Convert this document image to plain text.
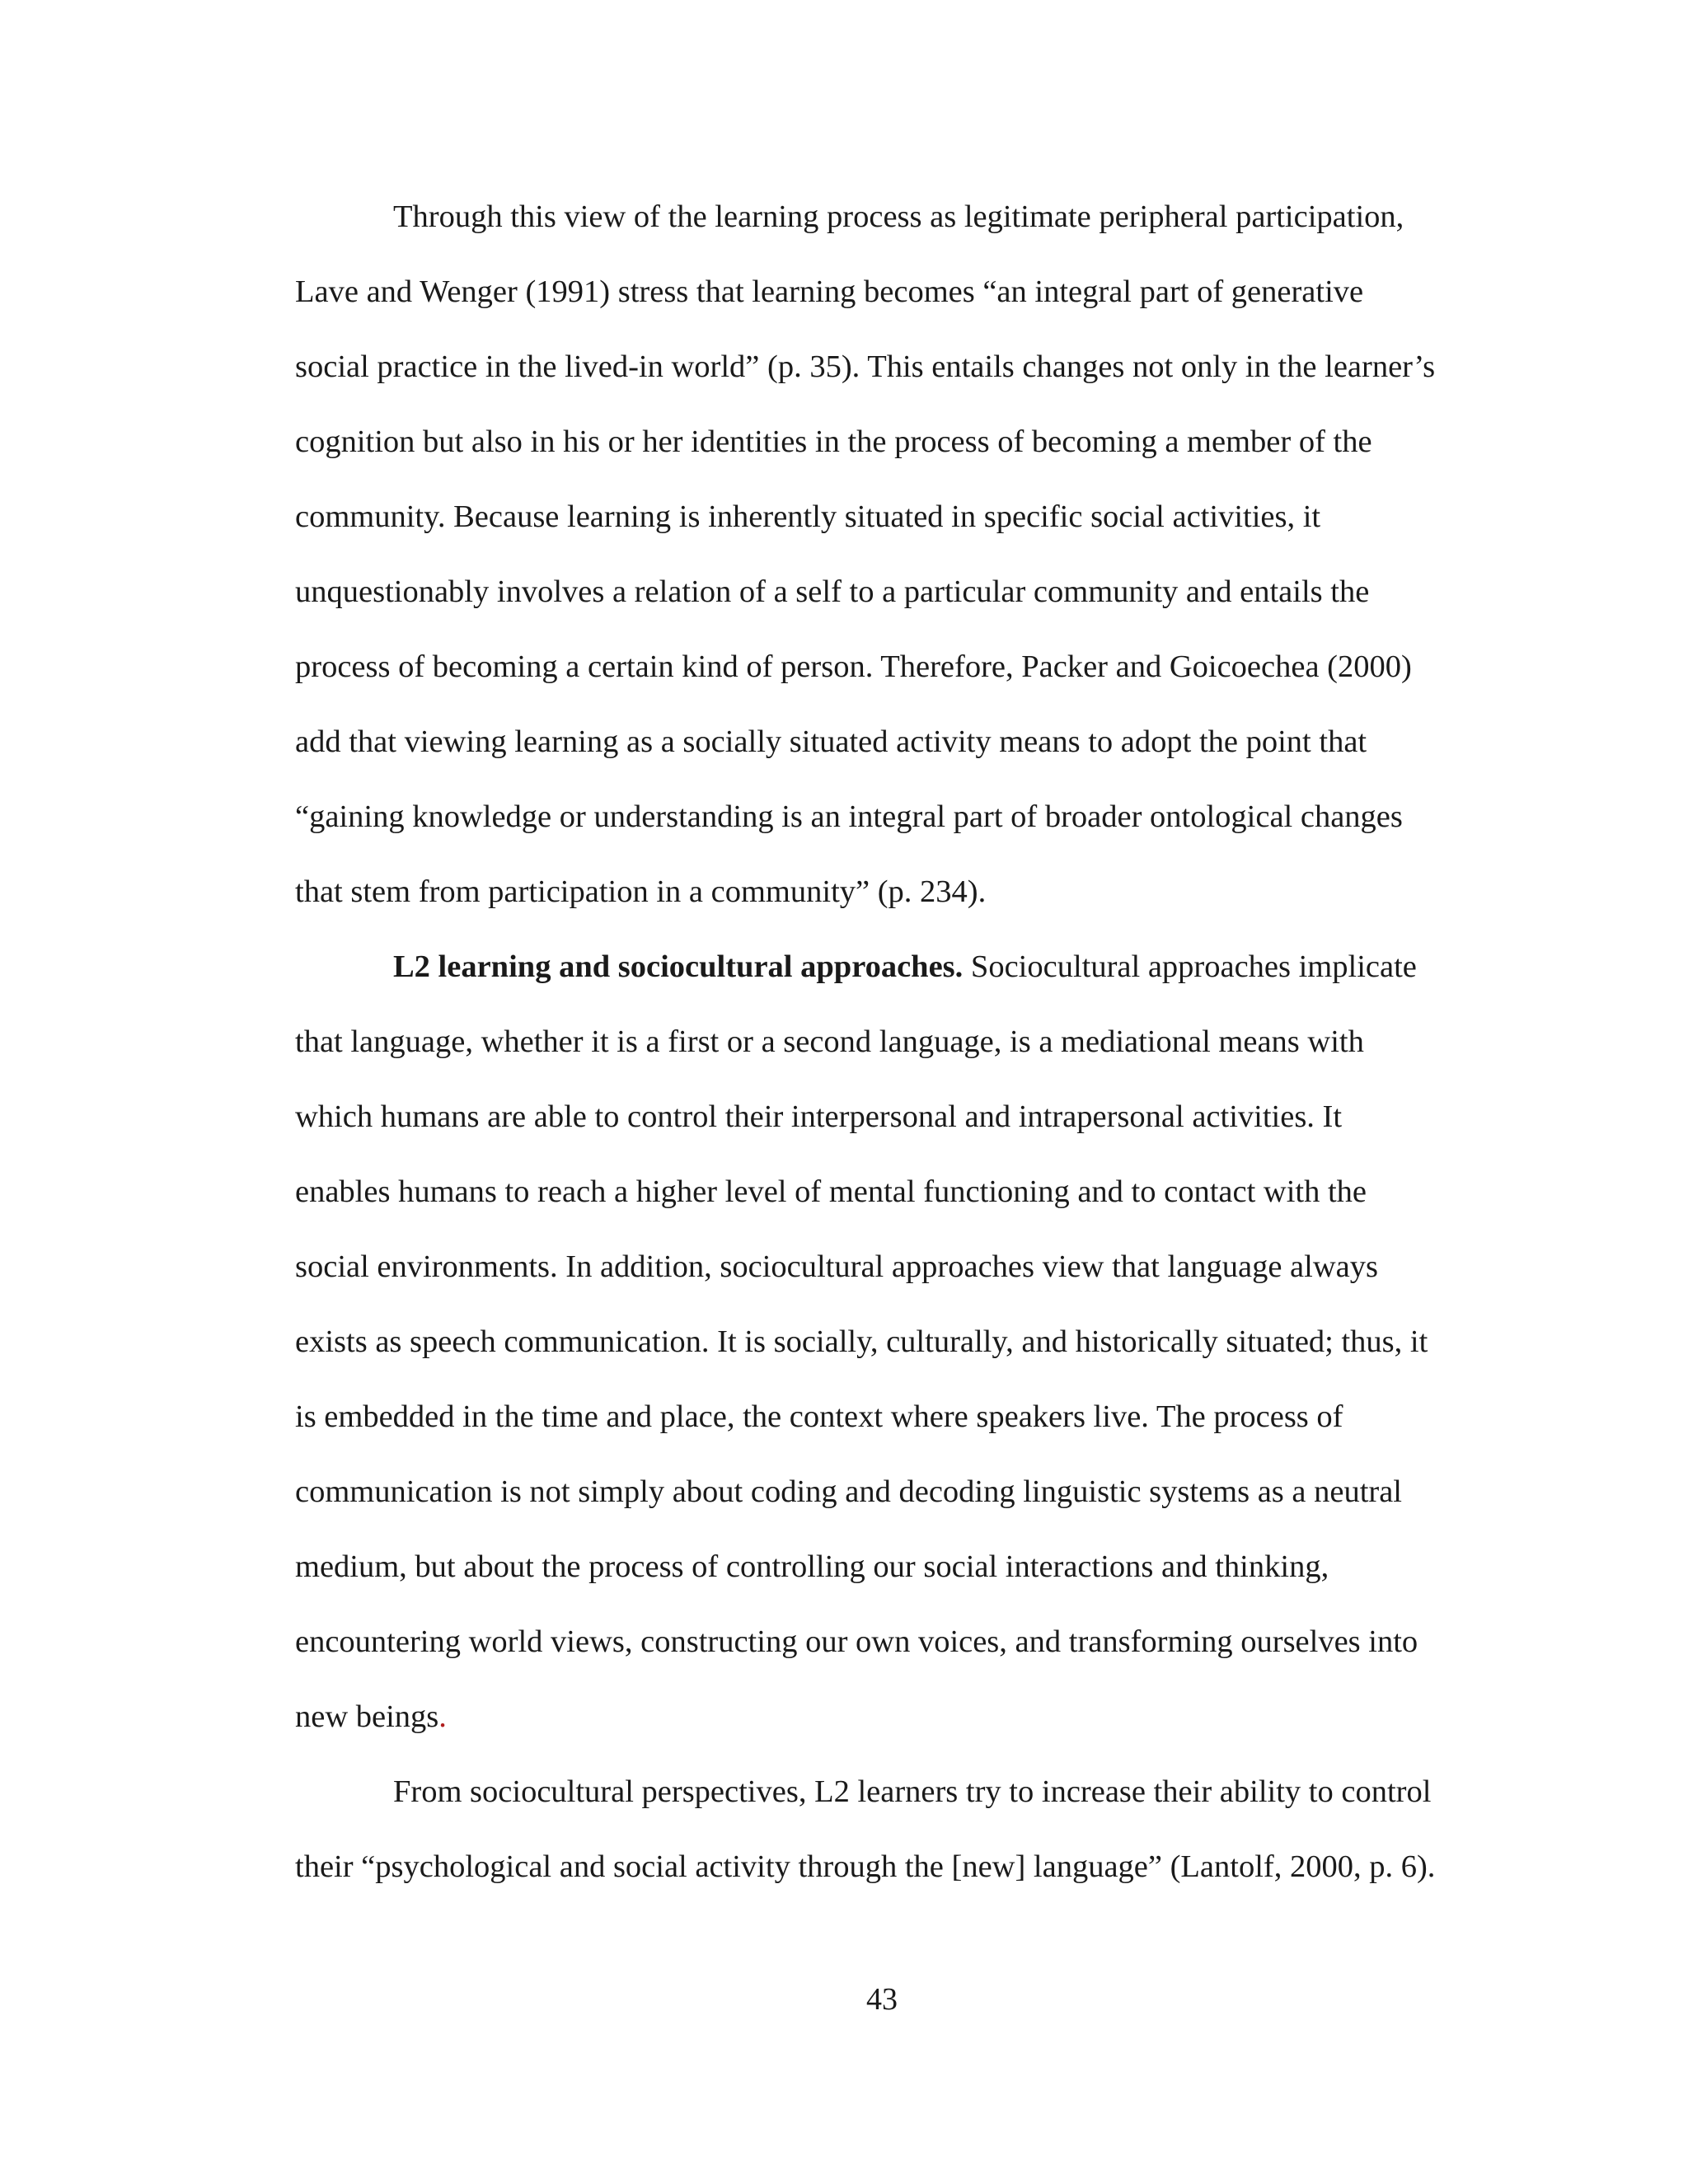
Through this view of the learning process as legitimate peripheral participation,
Lave and Wenger (1991) stress that learning becomes “an integral part of generative
social practice in the lived-in world” (p. 35). This entails changes not only in the learner’s
cognition but also in his or her identities in the process of becoming a member of the
community. Because learning is inherently situated in specific social activities, it
unquestionably involves a relation of a self to a particular community and entails the
process of becoming a certain kind of person. Therefore, Packer and Goicoechea (2000)
add that viewing learning as a socially situated activity means to adopt the point that
“gaining knowledge or understanding is an integral part of broader ontological changes
that stem from participation in a community” (p. 234).
L2 learning and sociocultural approaches. Sociocultural approaches implicate
that language, whether it is a first or a second language, is a mediational means with
which humans are able to control their interpersonal and intrapersonal activities. It
enables humans to reach a higher level of mental functioning and to contact with the
social environments. In addition, sociocultural approaches view that language always
exists as speech communication. It is socially, culturally, and historically situated; thus, it
is embedded in the time and place, the context where speakers live. The process of
communication is not simply about coding and decoding linguistic systems as a neutral
medium, but about the process of controlling our social interactions and thinking,
encountering world views, constructing our own voices, and transforming ourselves into
new beings.
From sociocultural perspectives, L2 learners try to increase their ability to control
their “psychological and social activity through the [new] language” (Lantolf, 2000, p. 6).
43
